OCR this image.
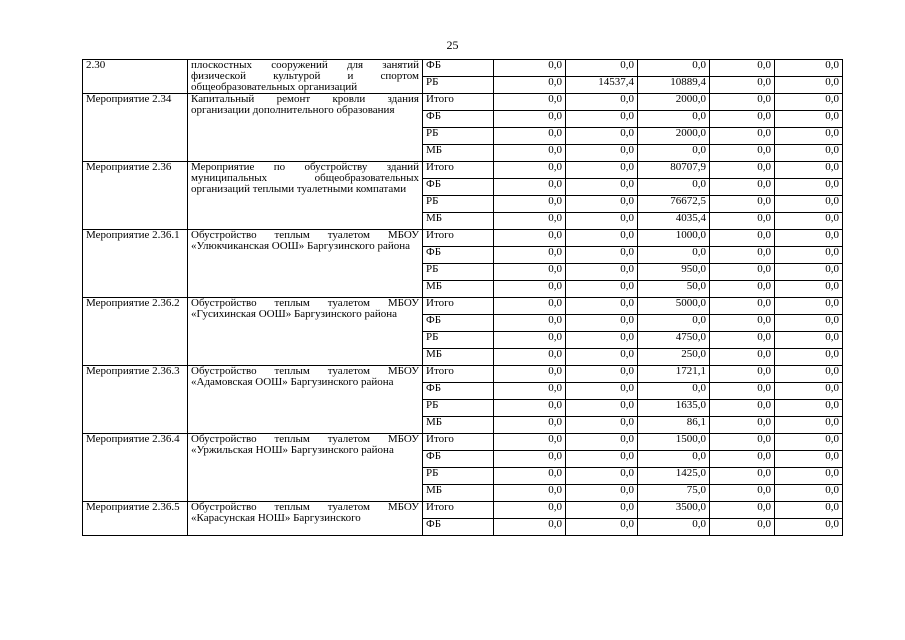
25
2.30	плоскостных сооружений для занятий физической культурой и спортом общеобразовательных организаций	ФБ	0,0	0,0	0,0	0,0	0,0
		РБ	0,0	14537,4	10889,4	0,0	0,0
Мероприятие 2.34	Капитальный ремонт кровли здания организации дополнительного образования	Итого	0,0	0,0	2000,0	0,0	0,0
		ФБ	0,0	0,0	0,0	0,0	0,0
		РБ	0,0	0,0	2000,0	0,0	0,0
		МБ	0,0	0,0	0,0	0,0	0,0
Мероприятие 2.36	Мероприятие по обустройству зданий муниципальных общеобразовательных организаций теплыми туалетными компатами	Итого	0,0	0,0	80707,9	0,0	0,0
		ФБ	0,0	0,0	0,0	0,0	0,0
		РБ	0,0	0,0	76672,5	0,0	0,0
		МБ	0,0	0,0	4035,4	0,0	0,0
Мероприятие 2.36.1	Обустройство теплым туалетом МБОУ «Улюкчиканская ООШ» Баргузинского района	Итого	0,0	0,0	1000,0	0,0	0,0
		ФБ	0,0	0,0	0,0	0,0	0,0
		РБ	0,0	0,0	950,0	0,0	0,0
		МБ	0,0	0,0	50,0	0,0	0,0
Мероприятие 2.36.2	Обустройство теплым туалетом МБОУ «Гусихинская ООШ» Баргузинского района	Итого	0,0	0,0	5000,0	0,0	0,0
		ФБ	0,0	0,0	0,0	0,0	0,0
		РБ	0,0	0,0	4750,0	0,0	0,0
		МБ	0,0	0,0	250,0	0,0	0,0
Мероприятие 2.36.3	Обустройство теплым туалетом МБОУ «Адамовская ООШ» Баргузинского района	Итого	0,0	0,0	1721,1	0,0	0,0
		ФБ	0,0	0,0	0,0	0,0	0,0
		РБ	0,0	0,0	1635,0	0,0	0,0
		МБ	0,0	0,0	86,1	0,0	0,0
Мероприятие 2.36.4	Обустройство теплым туалетом МБОУ «Уржильская НОШ» Баргузинского района	Итого	0,0	0,0	1500,0	0,0	0,0
		ФБ	0,0	0,0	0,0	0,0	0,0
		РБ	0,0	0,0	1425,0	0,0	0,0
		МБ	0,0	0,0	75,0	0,0	0,0
Мероприятие 2.36.5	Обустройство теплым туалетом МБОУ «Карасунская НОШ» Баргузинского	Итого	0,0	0,0	3500,0	0,0	0,0
		ФБ	0,0	0,0	0,0	0,0	0,0
